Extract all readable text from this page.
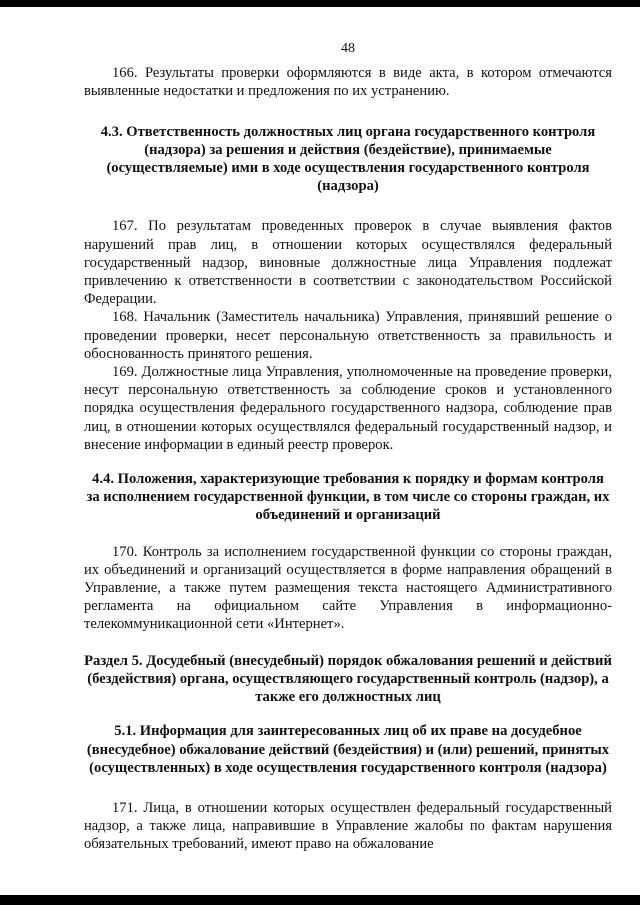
48

166. Результаты проверки оформляются в виде акта, в котором отмечаются выявленные недостатки и предложения по их устранению.

4.3. Ответственность должностных лиц органа государственного контроля (надзора) за решения и действия (бездействие), принимаемые (осуществляемые) ими в ходе осуществления государственного контроля (надзора)

167. По результатам проведенных проверок в случае выявления фактов нарушений прав лиц, в отношении которых осуществлялся федеральный государственный надзор, виновные должностные лица Управления подлежат привлечению к ответственности в соответствии с законодательством Российской Федерации.

168. Начальник (Заместитель начальника) Управления, принявший решение о проведении проверки, несет персональную ответственность за правильность и обоснованность принятого решения.

169. Должностные лица Управления, уполномоченные на проведение проверки, несут персональную ответственность за соблюдение сроков и установленного порядка осуществления федерального государственного надзора, соблюдение прав лиц, в отношении которых осуществлялся федеральный государственный надзор, и внесение информации в единый реестр проверок.

4.4. Положения, характеризующие требования к порядку и формам контроля за исполнением государственной функции, в том числе со стороны граждан, их объединений и организаций

170. Контроль за исполнением государственной функции со стороны граждан, их объединений и организаций осуществляется в форме направления обращений в Управление, а также путем размещения текста настоящего Административного регламента на официальном сайте Управления в информационно-телекоммуникационной сети «Интернет».

Раздел 5. Досудебный (внесудебный) порядок обжалования решений и действий (бездействия) органа, осуществляющего государственный контроль (надзор), а также его должностных лиц
5.1. Информация для заинтересованных лиц об их праве на досудебное (внесудебное) обжалование действий (бездействия) и (или) решений, принятых (осуществленных) в ходе осуществления государственного контроля (надзора)

171. Лица, в отношении которых осуществлен федеральный государственный надзор, а также лица, направившие в Управление жалобы по фактам нарушения обязательных требований, имеют право на обжалование
